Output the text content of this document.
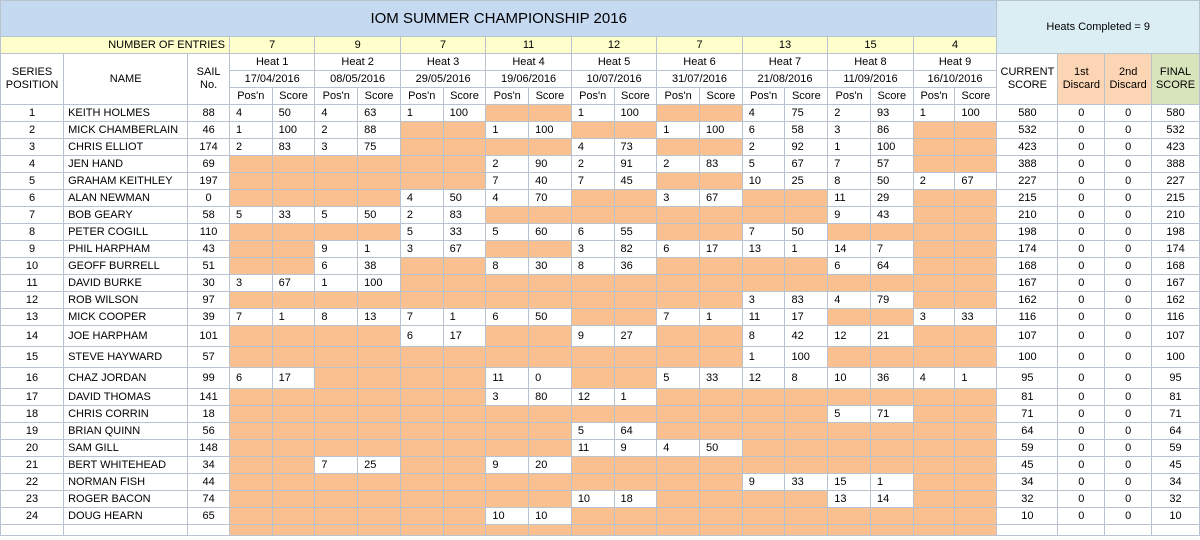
IOM SUMMER CHAMPIONSHIP 2016																					Heats Completed = 9			
NUMBER OF ENTRIES			7		9		7		11		12		7		13		15		4					
SERIES POSITION	NAME	SAIL No.	Heat 1		Heat 2		Heat 3		Heat 4		Heat 5		Heat 6		Heat 7		Heat 8		Heat 9		CURRENT SCORE	1st Discard	2nd Discard	FINAL SCORE
			17/04/2016		08/05/2016		29/05/2016		19/06/2016		10/07/2016		31/07/2016		21/08/2016		11/09/2016		16/10/2016					
			Pos'n	Score	Pos'n	Score	Pos'n	Score	Pos'n	Score	Pos'n	Score	Pos'n	Score	Pos'n	Score	Pos'n	Score	Pos'n	Score				
1	KEITH HOLMES	88	4	50	4	63	1	100			1	100			4	75	2	93	1	100	580	0	0	580
2	MICK CHAMBERLAIN	46	1	100	2	88			1	100			1	100	6	58	3	86			532	0	0	532
3	CHRIS ELLIOT	174	2	83	3	75					4	73			2	92	1	100			423	0	0	423
4	JEN HAND	69							2	90	2	91	2	83	5	67	7	57			388	0	0	388
5	GRAHAM KEITHLEY	197							7	40	7	45			10	25	8	50	2	67	227	0	0	227
6	ALAN NEWMAN	0					4	50	4	70			3	67			11	29			215	0	0	215
7	BOB GEARY	58	5	33	5	50	2	83									9	43			210	0	0	210
8	PETER COGILL	110					5	33	5	60	6	55			7	50					198	0	0	198
9	PHIL HARPHAM	43			9	1	3	67			3	82	6	17	13	1	14	7			174	0	0	174
10	GEOFF BURRELL	51			6	38			8	30	8	36					6	64			168	0	0	168
11	DAVID BURKE	30	3	67	1	100															167	0	0	167
12	ROB WILSON	97													3	83	4	79			162	0	0	162
13	MICK COOPER	39	7	1	8	13	7	1	6	50			7	1	11	17			3	33	116	0	0	116
14	JOE HARPHAM	101					6	17			9	27			8	42	12	21			107	0	0	107
15	STEVE HAYWARD	57													1	100					100	0	0	100
16	CHAZ JORDAN	99	6	17					11	0			5	33	12	8	10	36	4	1	95	0	0	95
17	DAVID THOMAS	141							3	80	12	1									81	0	0	81
18	CHRIS CORRIN	18															5	71			71	0	0	71
19	BRIAN QUINN	56									5	64									64	0	0	64
20	SAM GILL	148									11	9	4	50							59	0	0	59
21	BERT WHITEHEAD	34			7	25			9	20											45	0	0	45
22	NORMAN FISH	44													9	33	15	1			34	0	0	34
23	ROGER BACON	74									10	18					13	14			32	0	0	32
24	DOUG HEARN	65							10	10											10	0	0	10
